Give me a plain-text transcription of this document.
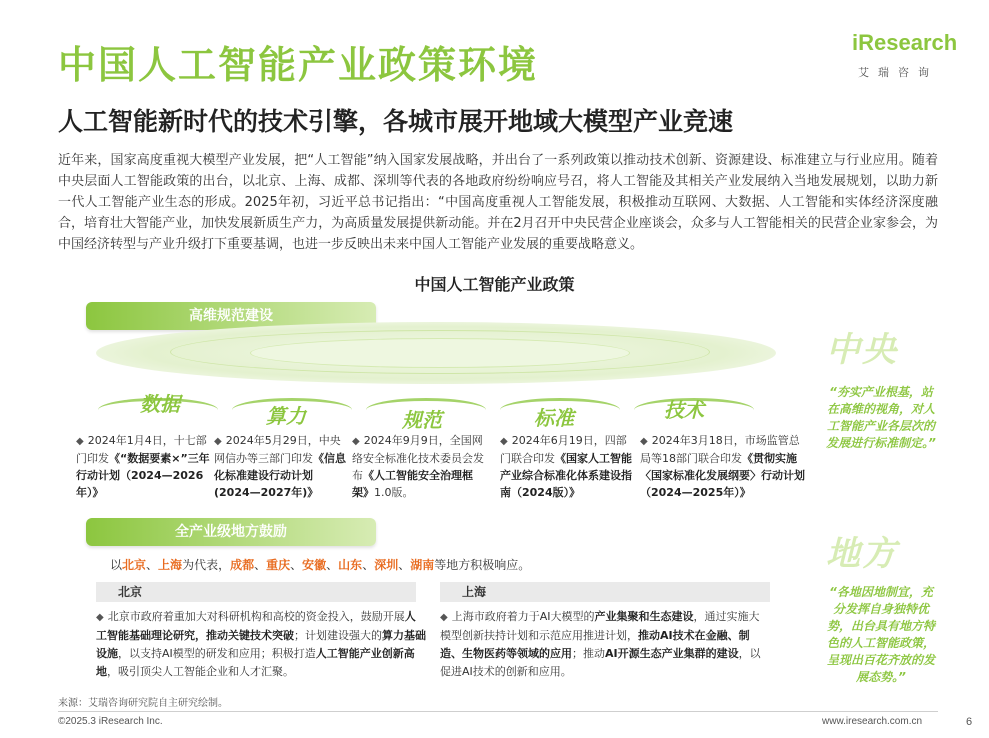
中国人工智能产业政策环境
iResearch
艾瑞咨询
人工智能新时代的技术引擎，各城市展开地域大模型产业竞速
近年来，国家高度重视大模型产业发展，把“人工智能”纳入国家发展战略，并出台了一系列政策以推动技术创新、资源建设、标准建立与行业应用。随着中央层面人工智能政策的出台，以北京、上海、成都、深圳等代表的各地政府纷纷响应号召，将人工智能及其相关产业发展纳入当地发展规划，以助力新一代人工智能产业生态的形成。2025年初，习近平总书记指出：“中国高度重视人工智能发展，积极推动互联网、大数据、人工智能和实体经济深度融合，培育壮大智能产业，加快发展新质生产力，为高质量发展提供新动能。并在2月召开中央民营企业座谈会，众多与人工智能相关的民营企业家参会，为中国经济转型与产业升级打下重要基调，也进一步反映出未来中国人工智能产业发展的重要战略意义。
中国人工智能产业政策
高维规范建设
数据	算力	规范	标准	技术
◆ 2024年1月4日，十七部门印发《“数据要素×”三年行动计划（2024—2026年）》
◆ 2024年5月29日，中央网信办等三部门印发《信息化标准建设行动计划(2024—2027年)》
◆ 2024年9月9日，全国网络安全标准化技术委员会发布《人工智能安全治理框架》1.0版。
◆ 2024年6月19日，四部门联合印发《国家人工智能产业综合标准化体系建设指南（2024版）》
◆ 2024年3月18日，市场监管总局等18部门联合印发《贯彻实施〈国家标准化发展纲要〉行动计划（2024—2025年）》
中央
“夯实产业根基，站在高维的视角，对人工智能产业各层次的发展进行标准制定。”
全产业级地方鼓励
以北京、上海为代表，成都、重庆、安徽、山东、深圳、湖南等地方积极响应。
北京	上海
◆ 北京市政府着重加大对科研机构和高校的资金投入，鼓励开展人工智能基础理论研究，推动关键技术突破；计划建设强大的算力基础设施，以支持AI模型的研发和应用；积极打造人工智能产业创新高地，吸引顶尖人工智能企业和人才汇聚。
◆ 上海市政府着力于AI大模型的产业集聚和生态建设，通过实施大模型创新扶持计划和示范应用推进计划，推动AI技术在金融、制造、生物医药等领域的应用；推动AI开源生态产业集群的建设，以促进AI技术的创新和应用。
地方
“各地因地制宜，充分发挥自身独特优势，出台具有地方特色的人工智能政策，呈现出百花齐放的发展态势。”
来源：艾瑞咨询研究院自主研究绘制。
©2025.3 iResearch Inc.	www.iresearch.com.cn	6
